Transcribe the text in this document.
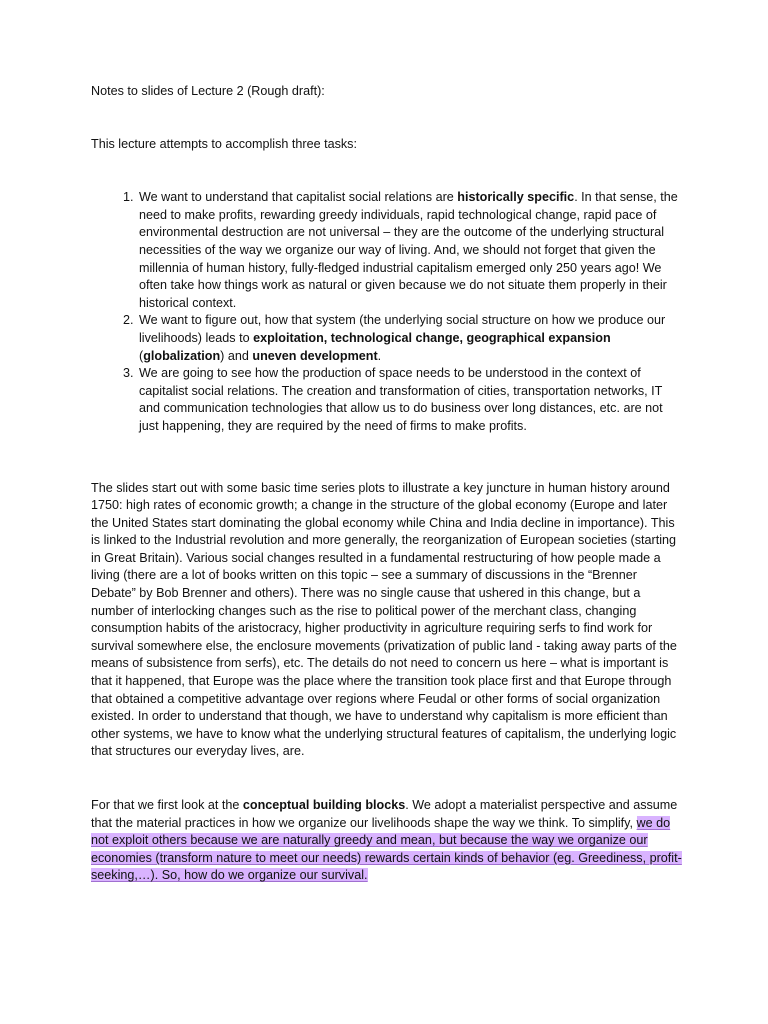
Notes to slides of Lecture 2 (Rough draft):

This lecture attempts to accomplish three tasks:

1. We want to understand that capitalist social relations are historically specific. In that sense, the need to make profits, rewarding greedy individuals, rapid technological change, rapid pace of environmental destruction are not universal – they are the outcome of the underlying structural necessities of the way we organize our way of living. And, we should not forget that given the millennia of human history, fully-fledged industrial capitalism emerged only 250 years ago! We often take how things work as natural or given because we do not situate them properly in their historical context.
2. We want to figure out, how that system (the underlying social structure on how we produce our livelihoods) leads to exploitation, technological change, geographical expansion (globalization) and uneven development.
3. We are going to see how the production of space needs to be understood in the context of capitalist social relations. The creation and transformation of cities, transportation networks, IT and communication technologies that allow us to do business over long distances, etc. are not just happening, they are required by the need of firms to make profits.

The slides start out with some basic time series plots to illustrate a key juncture in human history around 1750: high rates of economic growth; a change in the structure of the global economy (Europe and later the United States start dominating the global economy while China and India decline in importance). This is linked to the Industrial revolution and more generally, the reorganization of European societies (starting in Great Britain). Various social changes resulted in a fundamental restructuring of how people made a living (there are a lot of books written on this topic – see a summary of discussions in the “Brenner Debate” by Bob Brenner and others). There was no single cause that ushered in this change, but a number of interlocking changes such as the rise to political power of the merchant class, changing consumption habits of the aristocracy, higher productivity in agriculture requiring serfs to find work for survival somewhere else, the enclosure movements (privatization of public land - taking away parts of the means of subsistence from serfs), etc. The details do not need to concern us here – what is important is that it happened, that Europe was the place where the transition took place first and that Europe through that obtained a competitive advantage over regions where Feudal or other forms of social organization existed. In order to understand that though, we have to understand why capitalism is more efficient than other systems, we have to know what the underlying structural features of capitalism, the underlying logic that structures our everyday lives, are.

For that we first look at the conceptual building blocks. We adopt a materialist perspective and assume that the material practices in how we organize our livelihoods shape the way we think. To simplify, we do not exploit others because we are naturally greedy and mean, but because the way we organize our economies (transform nature to meet our needs) rewards certain kinds of behavior (eg. Greediness, profit-seeking,…). So, how do we organize our survival.
